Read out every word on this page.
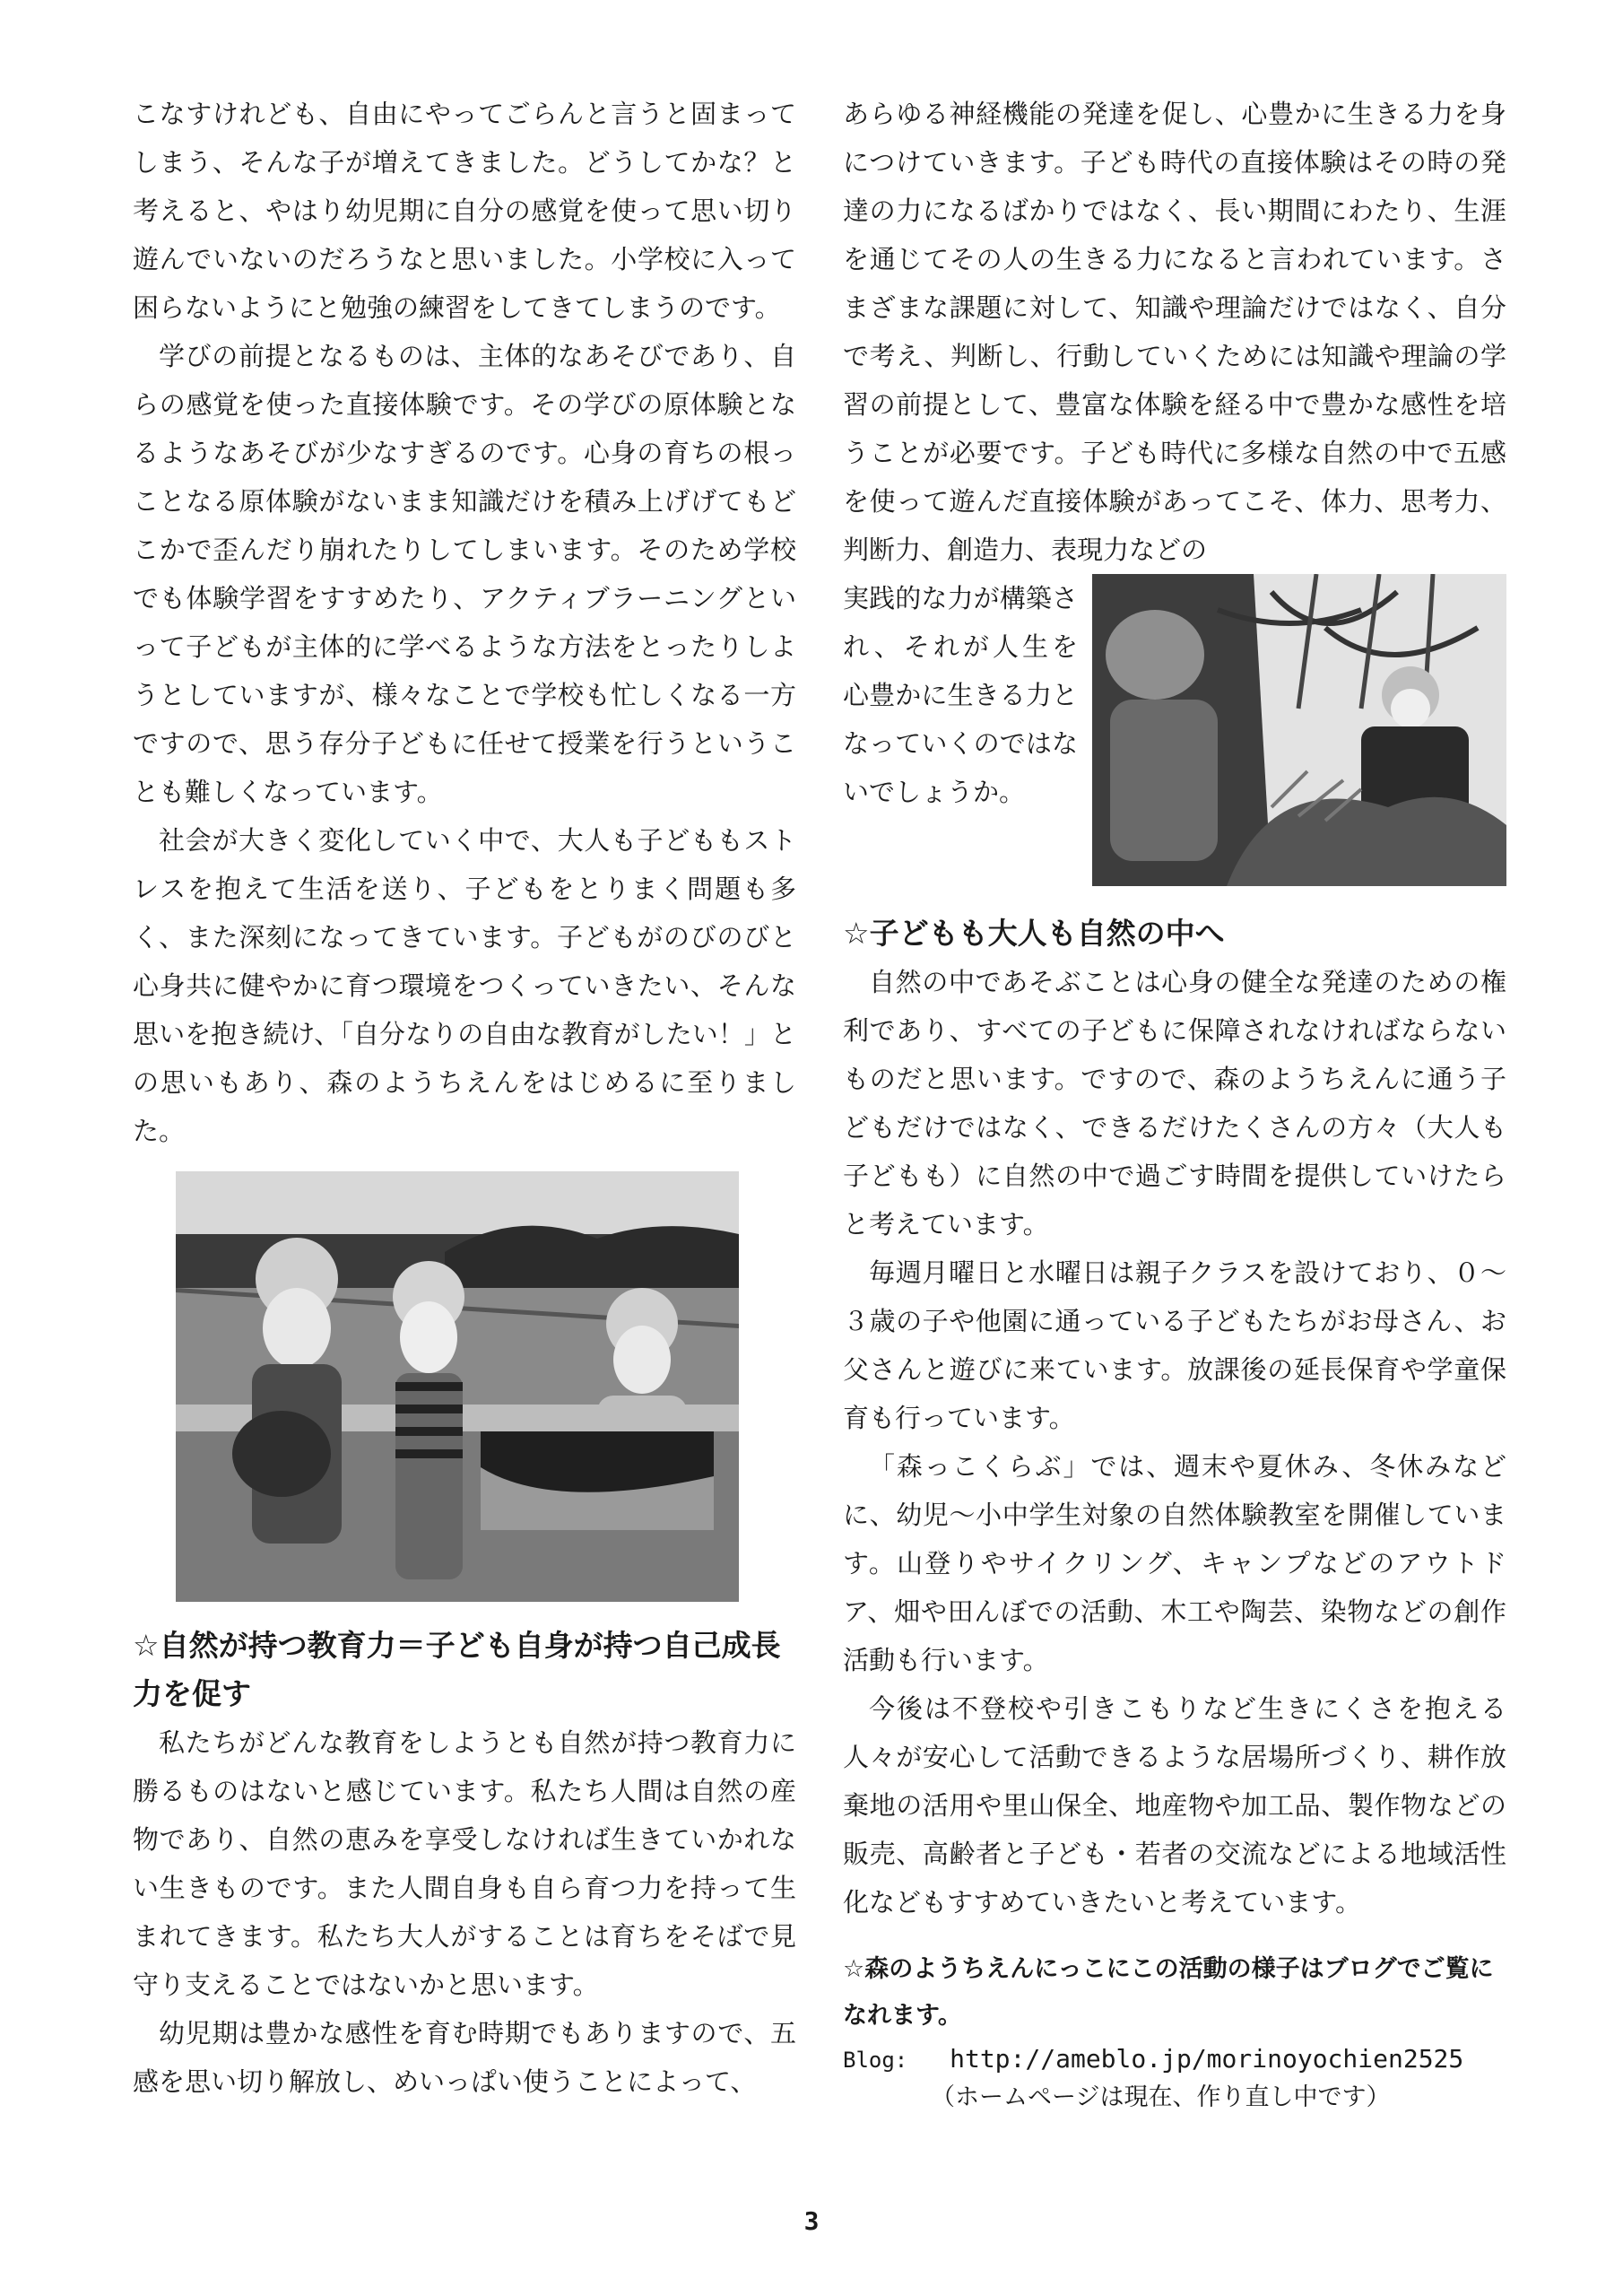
こなすけれども、自由にやってごらんと言うと固まってしまう、そんな子が増えてきました。どうしてかな？と考えると、やはり幼児期に自分の感覚を使って思い切り遊んでいないのだろうなと思いました。小学校に入って困らないようにと勉強の練習をしてきてしまうのです。

学びの前提となるものは、主体的なあそびであり、自らの感覚を使った直接体験です。その学びの原体験となるようなあそびが少なすぎるのです。心身の育ちの根っことなる原体験がないまま知識だけを積み上げげてもどこかで歪んだり崩れたりしてしまいます。そのため学校でも体験学習をすすめたり、アクティブラーニングといって子どもが主体的に学べるような方法をとったりしようとしていますが、様々なことで学校も忙しくなる一方ですので、思う存分子どもに任せて授業を行うということも難しくなっています。

社会が大きく変化していく中で、大人も子どももストレスを抱えて生活を送り、子どもをとりまく問題も多く、また深刻になってきています。子どもがのびのびと心身共に健やかに育つ環境をつくっていきたい、そんな思いを抱き続け、「自分なりの自由な教育がしたい！」との思いもあり、森のようちえんをはじめるに至りました。

☆自然が持つ教育力＝子ども自身が持つ自己成長力を促す

私たちがどんな教育をしようとも自然が持つ教育力に勝るものはないと感じています。私たち人間は自然の産物であり、自然の恵みを享受しなければ生きていかれない生きものです。また人間自身も自ら育つ力を持って生まれてきます。私たち大人がすることは育ちをそばで見守り支えることではないかと思います。

幼児期は豊かな感性を育む時期でもありますので、五感を思い切り解放し、めいっぱい使うことによって、

あらゆる神経機能の発達を促し、心豊かに生きる力を身につけていきます。子ども時代の直接体験はその時の発達の力になるばかりではなく、長い期間にわたり、生涯を通じてその人の生きる力になると言われています。さまざまな課題に対して、知識や理論だけではなく、自分で考え、判断し、行動していくためには知識や理論の学習の前提として、豊富な体験を経る中で豊かな感性を培うことが必要です。子ども時代に多様な自然の中で五感を使って遊んだ直接体験があってこそ、体力、思考力、判断力、創造力、表現力などの

実践的な力が構築され、それが人生を心豊かに生きる力となっていくのではないでしょうか。

☆子どもも大人も自然の中へ

自然の中であそぶことは心身の健全な発達のための権利であり、すべての子どもに保障されなければならないものだと思います。ですので、森のようちえんに通う子どもだけではなく、できるだけたくさんの方々（大人も子どもも）に自然の中で過ごす時間を提供していけたらと考えています。

毎週月曜日と水曜日は親子クラスを設けており、０～３歳の子や他園に通っている子どもたちがお母さん、お父さんと遊びに来ています。放課後の延長保育や学童保育も行っています。

「森っこくらぶ」では、週末や夏休み、冬休みなどに、幼児～小中学生対象の自然体験教室を開催しています。山登りやサイクリング、キャンプなどのアウトドア、畑や田んぼでの活動、木工や陶芸、染物などの創作活動も行います。

今後は不登校や引きこもりなど生きにくさを抱える人々が安心して活動できるような居場所づくり、耕作放棄地の活用や里山保全、地産物や加工品、製作物などの販売、高齢者と子ども・若者の交流などによる地域活性化などもすすめていきたいと考えています。

☆森のようちえんにっこにこの活動の様子はブログでご覧になれます。

Blog: http://ameblo.jp/morinoyochien2525

（ホームページは現在、作り直し中です）

3
